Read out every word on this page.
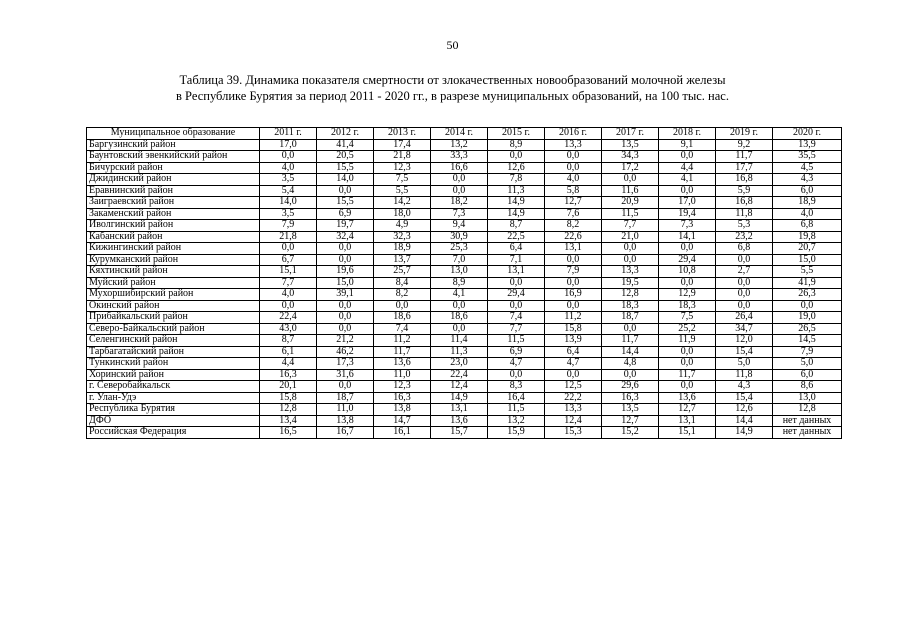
50
Таблица 39. Динамика показателя смертности от злокачественных новообразований молочной железы
в Республике Бурятия за период 2011 - 2020 гг., в разрезе муниципальных образований, на 100 тыс. нас.
Муниципальное образование	2011 г.	2012 г.	2013 г.	2014 г.	2015 г.	2016 г.	2017 г.	2018 г.	2019 г.	2020 г.
Баргузинский район	17,0	41,4	17,4	13,2	8,9	13,3	13,5	9,1	9,2	13,9
Баунтовский эвенкийский район	0,0	20,5	21,8	33,3	0,0	0,0	34,3	0,0	11,7	35,5
Бичурский район	4,0	15,5	12,3	16,6	12,6	0,0	17,2	4,4	17,7	4,5
Джидинский район	3,5	14,0	7,5	0,0	7,8	4,0	0,0	4,1	16,8	4,3
Еравнинский район	5,4	0,0	5,5	0,0	11,3	5,8	11,6	0,0	5,9	6,0
Заиграевский район	14,0	15,5	14,2	18,2	14,9	12,7	20,9	17,0	16,8	18,9
Закаменский район	3,5	6,9	18,0	7,3	14,9	7,6	11,5	19,4	11,8	4,0
Иволгинский район	7,9	19,7	4,9	9,4	8,7	8,2	7,7	7,3	5,3	6,8
Кабанский район	21,8	32,4	32,3	30,9	22,5	22,6	21,0	14,1	23,2	19,8
Кижингинский район	0,0	0,0	18,9	25,3	6,4	13,1	0,0	0,0	6,8	20,7
Курумканский район	6,7	0,0	13,7	7,0	7,1	0,0	0,0	29,4	0,0	15,0
Кяхтинский район	15,1	19,6	25,7	13,0	13,1	7,9	13,3	10,8	2,7	5,5
Муйский район	7,7	15,0	8,4	8,9	0,0	0,0	19,5	0,0	0,0	41,9
Мухоршибирский район	4,0	39,1	8,2	4,1	29,4	16,9	12,8	12,9	0,0	26,3
Окинский район	0,0	0,0	0,0	0,0	0,0	0,0	18,3	18,3	0,0	0,0
Прибайкальский район	22,4	0,0	18,6	18,6	7,4	11,2	18,7	7,5	26,4	19,0
Северо-Байкальский район	43,0	0,0	7,4	0,0	7,7	15,8	0,0	25,2	34,7	26,5
Селенгинский район	8,7	21,2	11,2	11,4	11,5	13,9	11,7	11,9	12,0	14,5
Тарбагатайский район	6,1	46,2	11,7	11,3	6,9	6,4	14,4	0,0	15,4	7,9
Тункинский район	4,4	17,3	13,6	23,0	4,7	4,7	4,8	0,0	5,0	5,0
Хоринский район	16,3	31,6	11,0	22,4	0,0	0,0	0,0	11,7	11,8	6,0
г. Северобайкальск	20,1	0,0	12,3	12,4	8,3	12,5	29,6	0,0	4,3	8,6
г. Улан-Удэ	15,8	18,7	16,3	14,9	16,4	22,2	16,3	13,6	15,4	13,0
Республика Бурятия	12,8	11,0	13,8	13,1	11,5	13,3	13,5	12,7	12,6	12,8
ДФО	13,4	13,8	14,7	13,6	13,2	12,4	12,7	13,1	14,4	нет данных
Российская Федерация	16,5	16,7	16,1	15,7	15,9	15,3	15,2	15,1	14,9	нет данных
